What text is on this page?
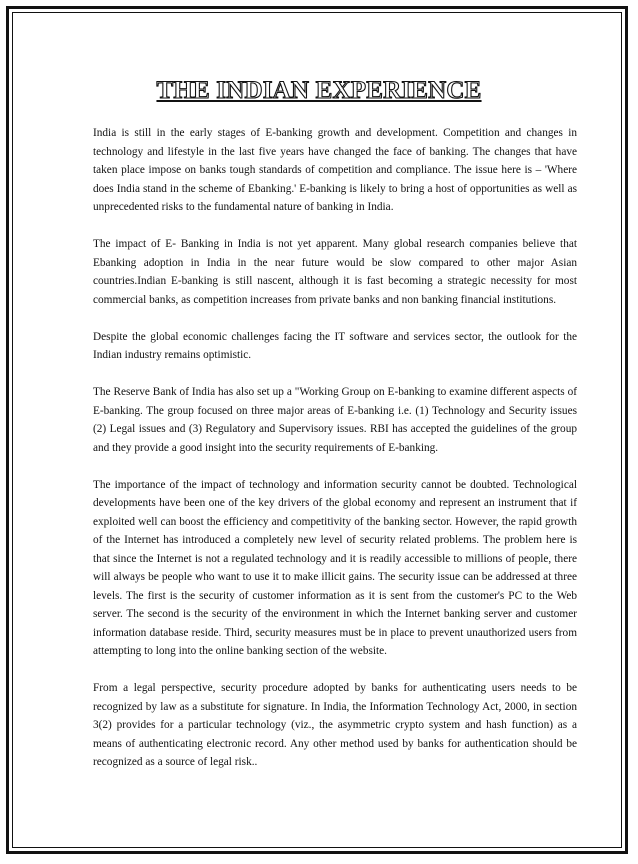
THE INDIAN EXPERIENCE

India is still in the early stages of E-banking growth and development. Competition and changes in technology and lifestyle in the last five years have changed the face of banking. The changes that have taken place impose on banks tough standards of competition and compliance. The issue here is – 'Where does India stand in the scheme of Ebanking.' E-banking is likely to bring a host of opportunities as well as unprecedented risks to the fundamental nature of banking in India.

The impact of E- Banking in India is not yet apparent. Many global research companies believe that Ebanking adoption in India in the near future would be slow compared to other major Asian countries.Indian E-banking is still nascent, although it is fast becoming a strategic necessity for most commercial banks, as competition increases from private banks and non banking financial institutions.

Despite the global economic challenges facing the IT software and services sector, the outlook for the Indian industry remains optimistic.

The Reserve Bank of India has also set up a "Working Group on E-banking to examine different aspects of E-banking. The group focused on three major areas of E-banking i.e. (1) Technology and Security issues (2) Legal issues and (3) Regulatory and Supervisory issues. RBI has accepted the guidelines of the group and they provide a good insight into the security requirements of E-banking.

The importance of the impact of technology and information security cannot be doubted. Technological developments have been one of the key drivers of the global economy and represent an instrument that if exploited well can boost the efficiency and competitivity of the banking sector. However, the rapid growth of the Internet has introduced a completely new level of security related problems. The problem here is that since the Internet is not a regulated technology and it is readily accessible to millions of people, there will always be people who want to use it to make illicit gains. The security issue can be addressed at three levels. The first is the security of customer information as it is sent from the customer's PC to the Web server. The second is the security of the environment in which the Internet banking server and customer information database reside. Third, security measures must be in place to prevent unauthorized users from attempting to long into the online banking section of the website.

From a legal perspective, security procedure adopted by banks for authenticating users needs to be recognized by law as a substitute for signature. In India, the Information Technology Act, 2000, in section 3(2) provides for a particular technology (viz., the asymmetric crypto system and hash function) as a means of authenticating electronic record. Any other method used by banks for authentication should be recognized as a source of legal risk..
